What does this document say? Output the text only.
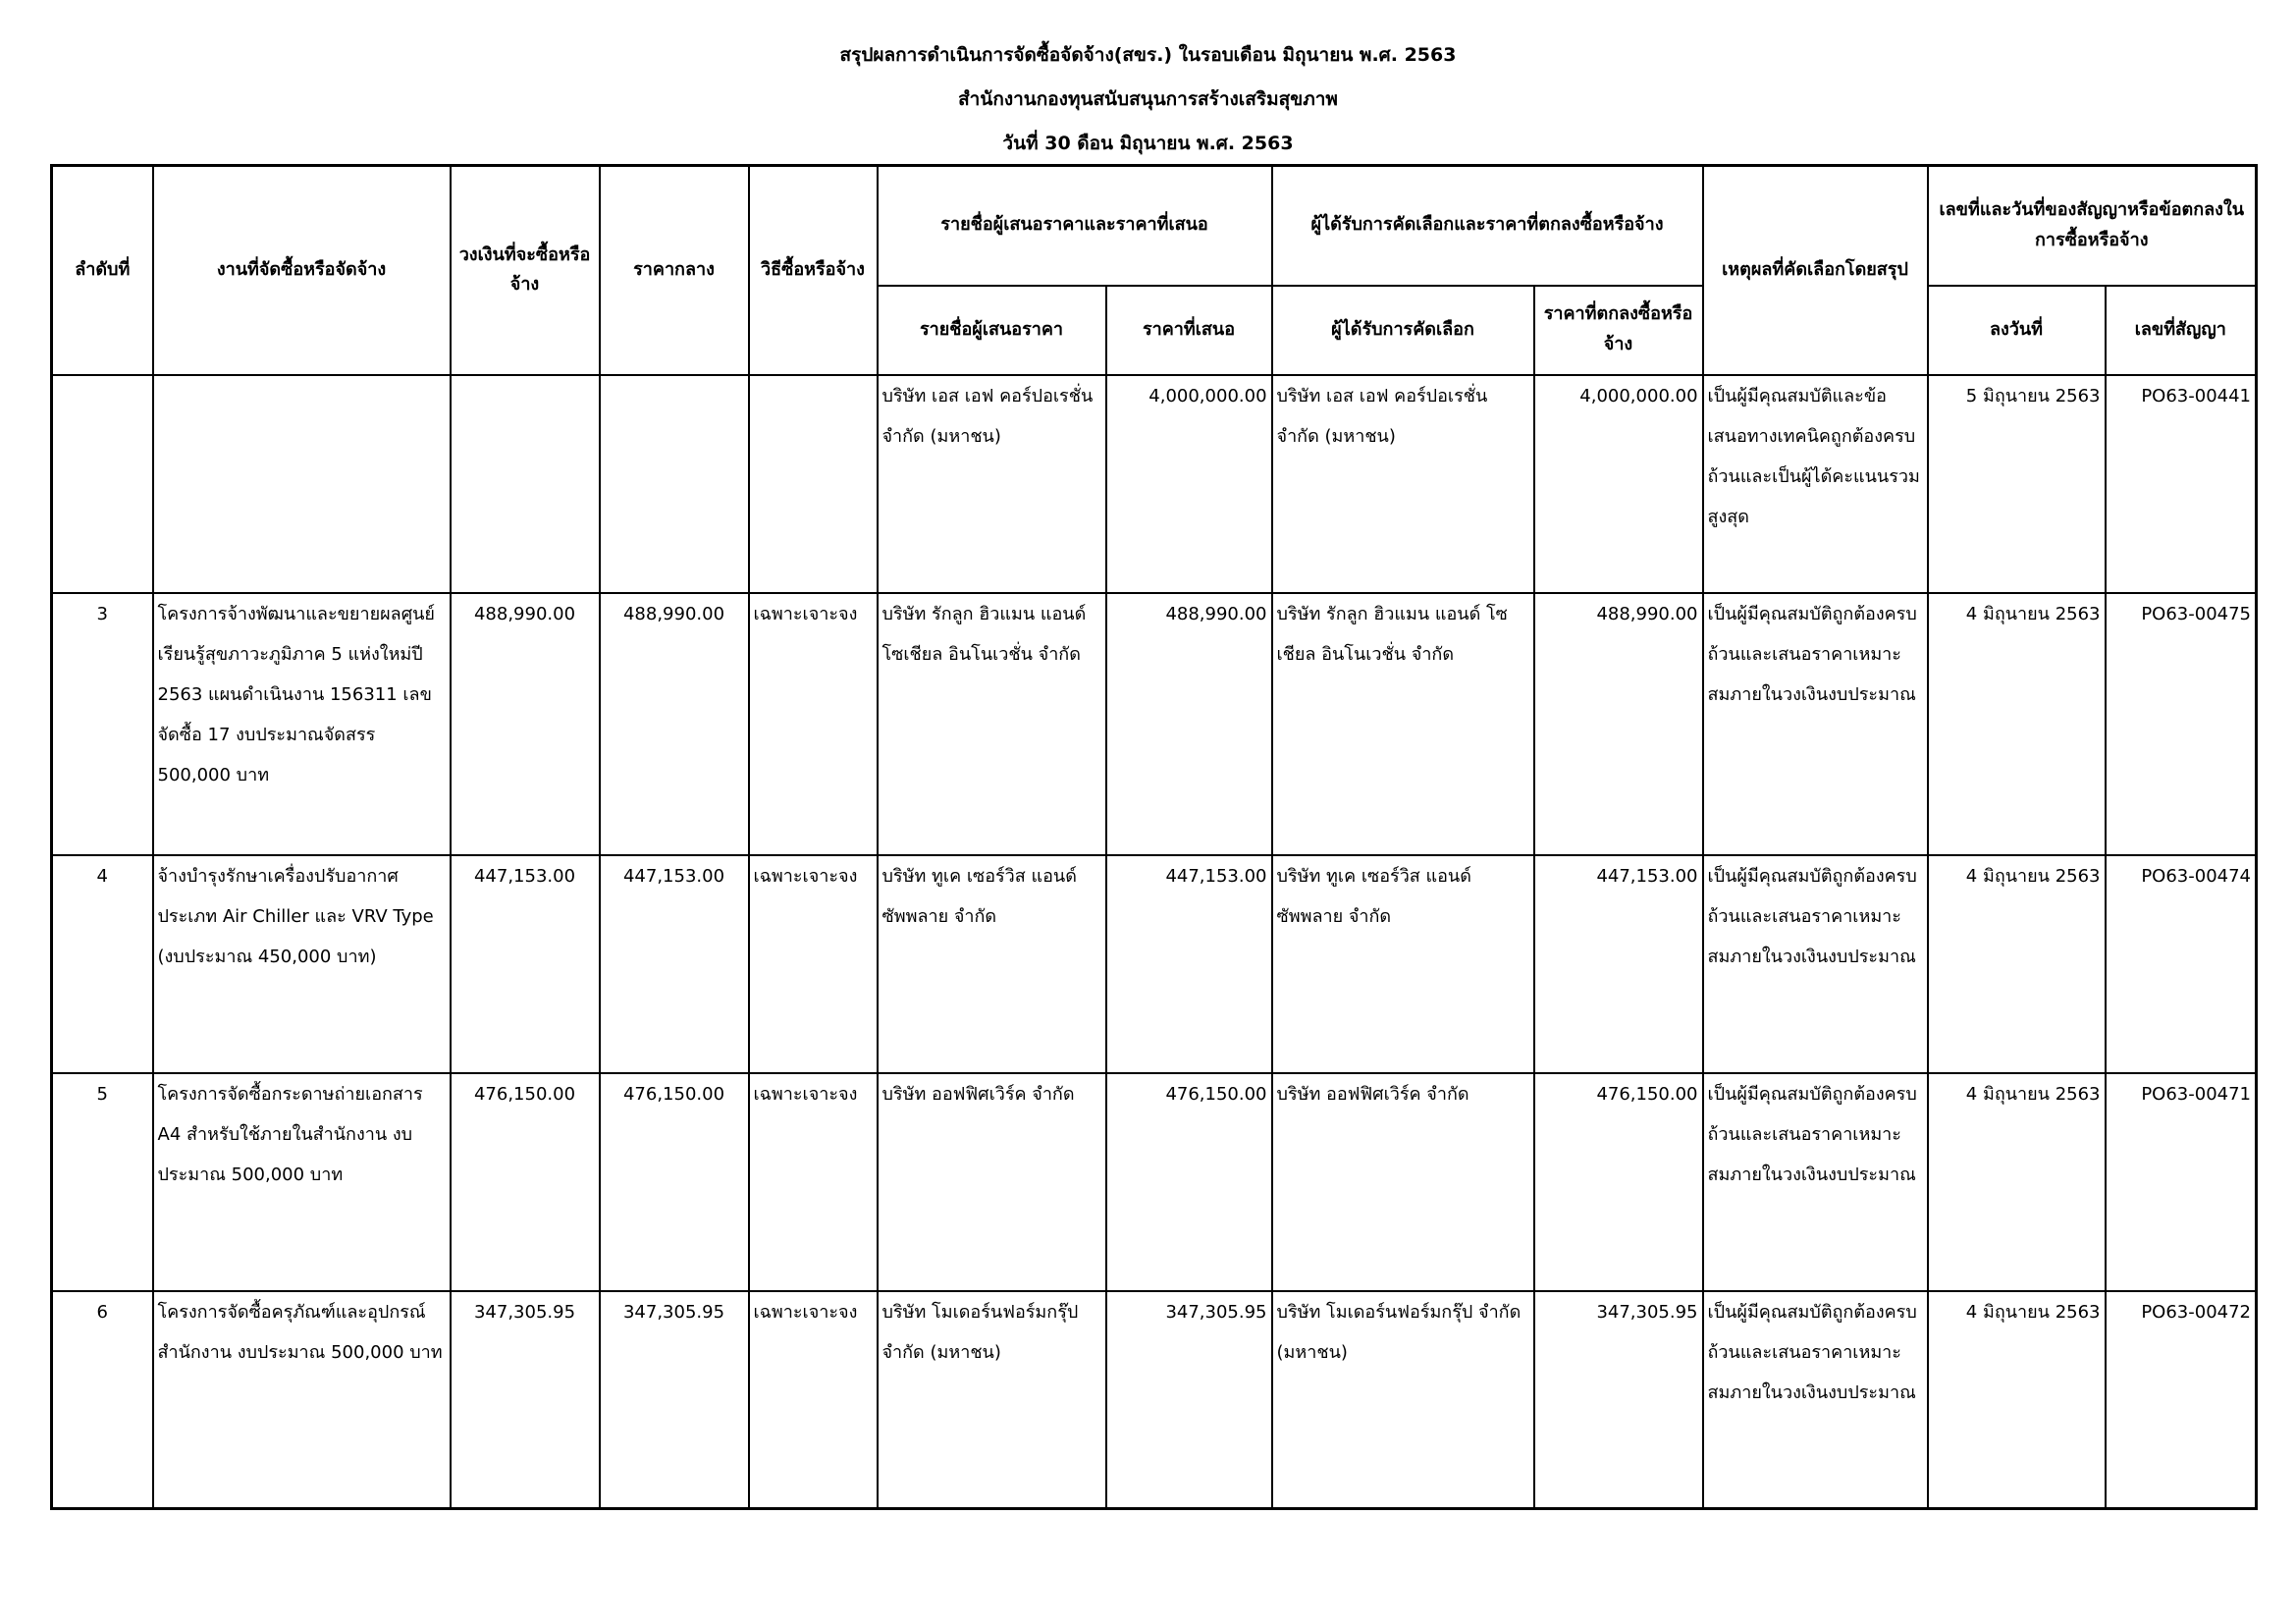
สรุปผลการดำเนินการจัดซื้อจัดจ้าง(สขร.) ในรอบเดือน มิถุนายน พ.ศ. 2563
สำนักงานกองทุนสนับสนุนการสร้างเสริมสุขภาพ
วันที่ 30 ดือน มิถุนายน พ.ศ. 2563
ลำดับที่	งานที่จัดซื้อหรือจัดจ้าง	วงเงินที่จะซื้อหรือจ้าง	ราคากลาง	วิธีซื้อหรือจ้าง	รายชื่อผู้เสนอราคาและราคาที่เสนอ		ผู้ได้รับการคัดเลือกและราคาที่ตกลงซื้อหรือจ้าง		เหตุผลที่คัดเลือกโดยสรุป	เลขที่และวันที่ของสัญญาหรือข้อตกลงในการซื้อหรือจ้าง	
					รายชื่อผู้เสนอราคา	ราคาที่เสนอ	ผู้ได้รับการคัดเลือก	ราคาที่ตกลงซื้อหรือจ้าง		ลงวันที่	เลขที่สัญญา
					บริษัท เอส เอฟ คอร์ปอเรชั่น จำกัด (มหาชน)	4,000,000.00	บริษัท เอส เอฟ คอร์ปอเรชั่น จำกัด (มหาชน)	4,000,000.00	เป็นผู้มีคุณสมบัติและข้อเสนอทางเทคนิคถูกต้องครบถ้วนและเป็นผู้ได้คะแนนรวมสูงสุด	5 มิถุนายน 2563	PO63-00441
3	โครงการจ้างพัฒนาและขยายผลศูนย์เรียนรู้สุขภาวะภูมิภาค 5 แห่งใหม่ปี 2563 แผนดำเนินงาน 156311 เลขจัดซื้อ 17 งบประมาณจัดสรร 500,000 บาท	488,990.00	488,990.00	เฉพาะเจาะจง	บริษัท รักลูก ฮิวแมน แอนด์ โซเชียล อินโนเวชั่น จำกัด	488,990.00	บริษัท รักลูก ฮิวแมน แอนด์ โซเชียล อินโนเวชั่น จำกัด	488,990.00	เป็นผู้มีคุณสมบัติถูกต้องครบถ้วนและเสนอราคาเหมาะสมภายในวงเงินงบประมาณ	4 มิถุนายน 2563	PO63-00475
4	จ้างบำรุงรักษาเครื่องปรับอากาศประเภท Air Chiller และ VRV Type (งบประมาณ 450,000 บาท)	447,153.00	447,153.00	เฉพาะเจาะจง	บริษัท ทูเค เซอร์วิส แอนด์ ซัพพลาย จำกัด	447,153.00	บริษัท ทูเค เซอร์วิส แอนด์ ซัพพลาย จำกัด	447,153.00	เป็นผู้มีคุณสมบัติถูกต้องครบถ้วนและเสนอราคาเหมาะสมภายในวงเงินงบประมาณ	4 มิถุนายน 2563	PO63-00474
5	โครงการจัดซื้อกระดาษถ่ายเอกสาร A4 สำหรับใช้ภายในสำนักงาน งบประมาณ 500,000 บาท	476,150.00	476,150.00	เฉพาะเจาะจง	บริษัท ออฟฟิศเวิร์ค จำกัด	476,150.00	บริษัท ออฟฟิศเวิร์ค จำกัด	476,150.00	เป็นผู้มีคุณสมบัติถูกต้องครบถ้วนและเสนอราคาเหมาะสมภายในวงเงินงบประมาณ	4 มิถุนายน 2563	PO63-00471
6	โครงการจัดซื้อครุภัณฑ์และอุปกรณ์สำนักงาน งบประมาณ 500,000 บาท	347,305.95	347,305.95	เฉพาะเจาะจง	บริษัท โมเดอร์นฟอร์มกรุ๊ป จำกัด (มหาชน)	347,305.95	บริษัท โมเดอร์นฟอร์มกรุ๊ป จำกัด (มหาชน)	347,305.95	เป็นผู้มีคุณสมบัติถูกต้องครบถ้วนและเสนอราคาเหมาะสมภายในวงเงินงบประมาณ	4 มิถุนายน 2563	PO63-00472
